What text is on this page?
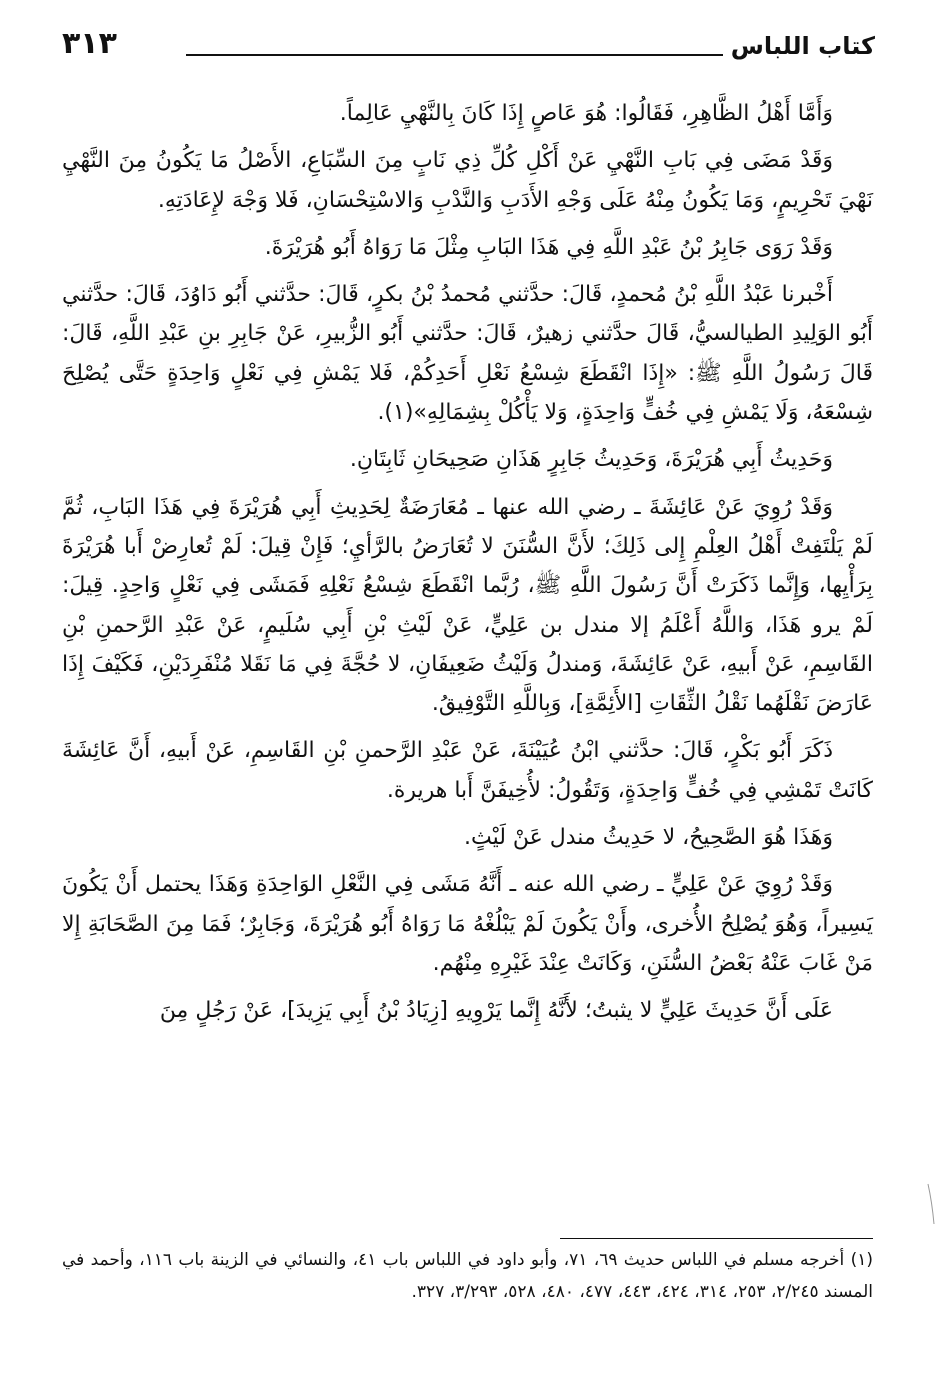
كتاب اللباس
٣١٣

وَأَمَّا أَهْلُ الظَّاهِرِ، فَقَالُوا: هُوَ عَاصٍ إِذَا كَانَ بِالنَّهْيِ عَالِماً.

وَقَدْ مَضَى فِي بَابِ النَّهْيِ عَنْ أَكْلِ كُلِّ ذِي نَابٍ مِنَ السِّبَاعِ، الأَصْلُ مَا يَكُونُ مِنَ النَّهْيِ نَهْيَ تَحْرِيمٍ، وَمَا يَكُونُ مِنْهُ عَلَى وَجْهِ الأَدَبِ وَالنَّدْبِ وَالاسْتِحْسَانِ، فَلا وَجْهَ لإِعَادَتِهِ.

وَقَدْ رَوَى جَابِرُ بْنُ عَبْدِ اللَّهِ فِي هَذَا البَابِ مِثْلَ مَا رَوَاهُ أَبُو هُرَيْرَةَ.

أَخْبرنا عَبْدُ اللَّهِ بْنُ مُحمدٍ، قَالَ: حدَّثني مُحمدُ بْنُ بكرٍ، قَالَ: حدَّثني أَبُو دَاوُدَ، قَالَ: حدَّثني أَبُو الوَلِيدِ الطيالسيُّ، قَالَ حدَّثني زهيرٌ، قَالَ: حدَّثني أَبُو الزُّبيرِ، عَنْ جَابِرِ بنِ عَبْدِ اللَّهِ، قَالَ: قَالَ رَسُولُ اللَّهِ ﷺ: «إِذَا انْقَطَعَ شِسْعُ نَعْلِ أَحَدِكُمْ، فَلا يَمْشِ فِي نَعْلٍ وَاحِدَةٍ حَتَّى يُصْلِحَ شِسْعَهُ، وَلَا يَمْشِ فِي خُفٍّ وَاحِدَةٍ، وَلا يَأْكُلْ بِشِمَالِهِ»(١).

وَحَدِيثُ أَبِي هُرَيْرَةَ، وَحَدِيثُ جَابِرٍ هَذَانِ صَحِيحَانِ ثَابِتَانِ.

وَقَدْ رُوِيَ عَنْ عَائِشَةَ ـ رضي الله عنها ـ مُعَارَضَةٌ لِحَدِيثِ أَبِي هُرَيْرَةَ فِي هَذَا البَابِ، ثُمَّ لَمْ يَلْتَفِتْ أَهْلُ العِلْمِ إِلى ذَلِكَ؛ لأَنَّ السُّنَنَ لا تُعَارَضُ بالرَّأيِ؛ فَإِنْ قِيلَ: لَمْ تُعارِضْ أَبا هُرَيْرَةَ بِرَأْيِها، وَإِنَّما ذَكَرَتْ أَنَّ رَسُولَ اللَّهِ ﷺ، رُبَّما انْقَطَعَ شِسْعُ نَعْلِهِ فَمَشَى فِي نَعْلٍ وَاحِدٍ. قِيلَ: لَمْ يرو هَذَا، وَاللَّهُ أَعْلَمُ إلا مندل بن عَلِيٍّ، عَنْ لَيْثِ بْنِ أَبِي سُلَيمٍ، عَنْ عَبْدِ الرَّحمنِ بْنِ القَاسِمِ، عَنْ أَبيهِ، عَنْ عَائِشَةَ، وَمندلُ وَلَيْثُ ضَعِيفَانِ، لا حُجَّةَ فِي مَا نَقَلا مُنْفَرِدَيْنِ، فَكَيْفَ إِذَا عَارَضَ نَقْلَهُما نَقْلُ الثِّقَاتِ [الأَئِمَّةِ]، وَبِاللَّهِ التَّوْفِيقُ.

ذَكَرَ أَبُو بَكْرٍ، قَالَ: حدَّثني ابْنُ عُيَيْنَةَ، عَنْ عَبْدِ الرَّحمنِ بْنِ القَاسِمِ، عَنْ أَبيهِ، أَنَّ عَائِشَةَ كَانَتْ تَمْشِي فِي خُفٍّ وَاحِدَةٍ، وَتَقُولُ: لأُخِيفَنَّ أَبا هريرة.

وَهَذَا هُوَ الصَّحِيحُ، لا حَدِيثُ مندل عَنْ لَيْثٍ.

وَقَدْ رُوِيَ عَنْ عَلِيٍّ ـ رضي الله عنه ـ أَنَّهُ مَشَى فِي النَّعْلِ الوَاحِدَةِ وَهَذَا يحتمل أَنْ يَكُونَ يَسِيراً، وَهُوَ يُصْلِحُ الأُخرى، وأَنْ يَكُونَ لَمْ يَبْلُغْهُ مَا رَوَاهُ أَبُو هُرَيْرَةَ، وَجَابِرٌ؛ فَمَا مِنَ الصَّحَابَةِ إِلا مَنْ غَابَ عَنْهُ بَعْضُ السُّنَنِ، وَكَانَتْ عِنْدَ غَيْرِهِ مِنْهُم.

عَلَى أَنَّ حَدِيثَ عَلِيٍّ لا يثبتُ؛ لأَنَّهُ إِنَّما يَرْوِيهِ [زِيَادُ بْنُ أَبِي يَزِيدَ]، عَنْ رَجُلٍ مِنَ

(١) أخرجه مسلم في اللباس حديث ٦٩، ٧١، وأبو داود في اللباس باب ٤١، والنسائي في الزينة باب ١١٦، وأحمد في المسند ٢/٢٤٥، ٢٥٣، ٣١٤، ٤٢٤، ٤٤٣، ٤٧٧، ٤٨٠، ٥٢٨، ٣/٢٩٣، ٣٢٧.
